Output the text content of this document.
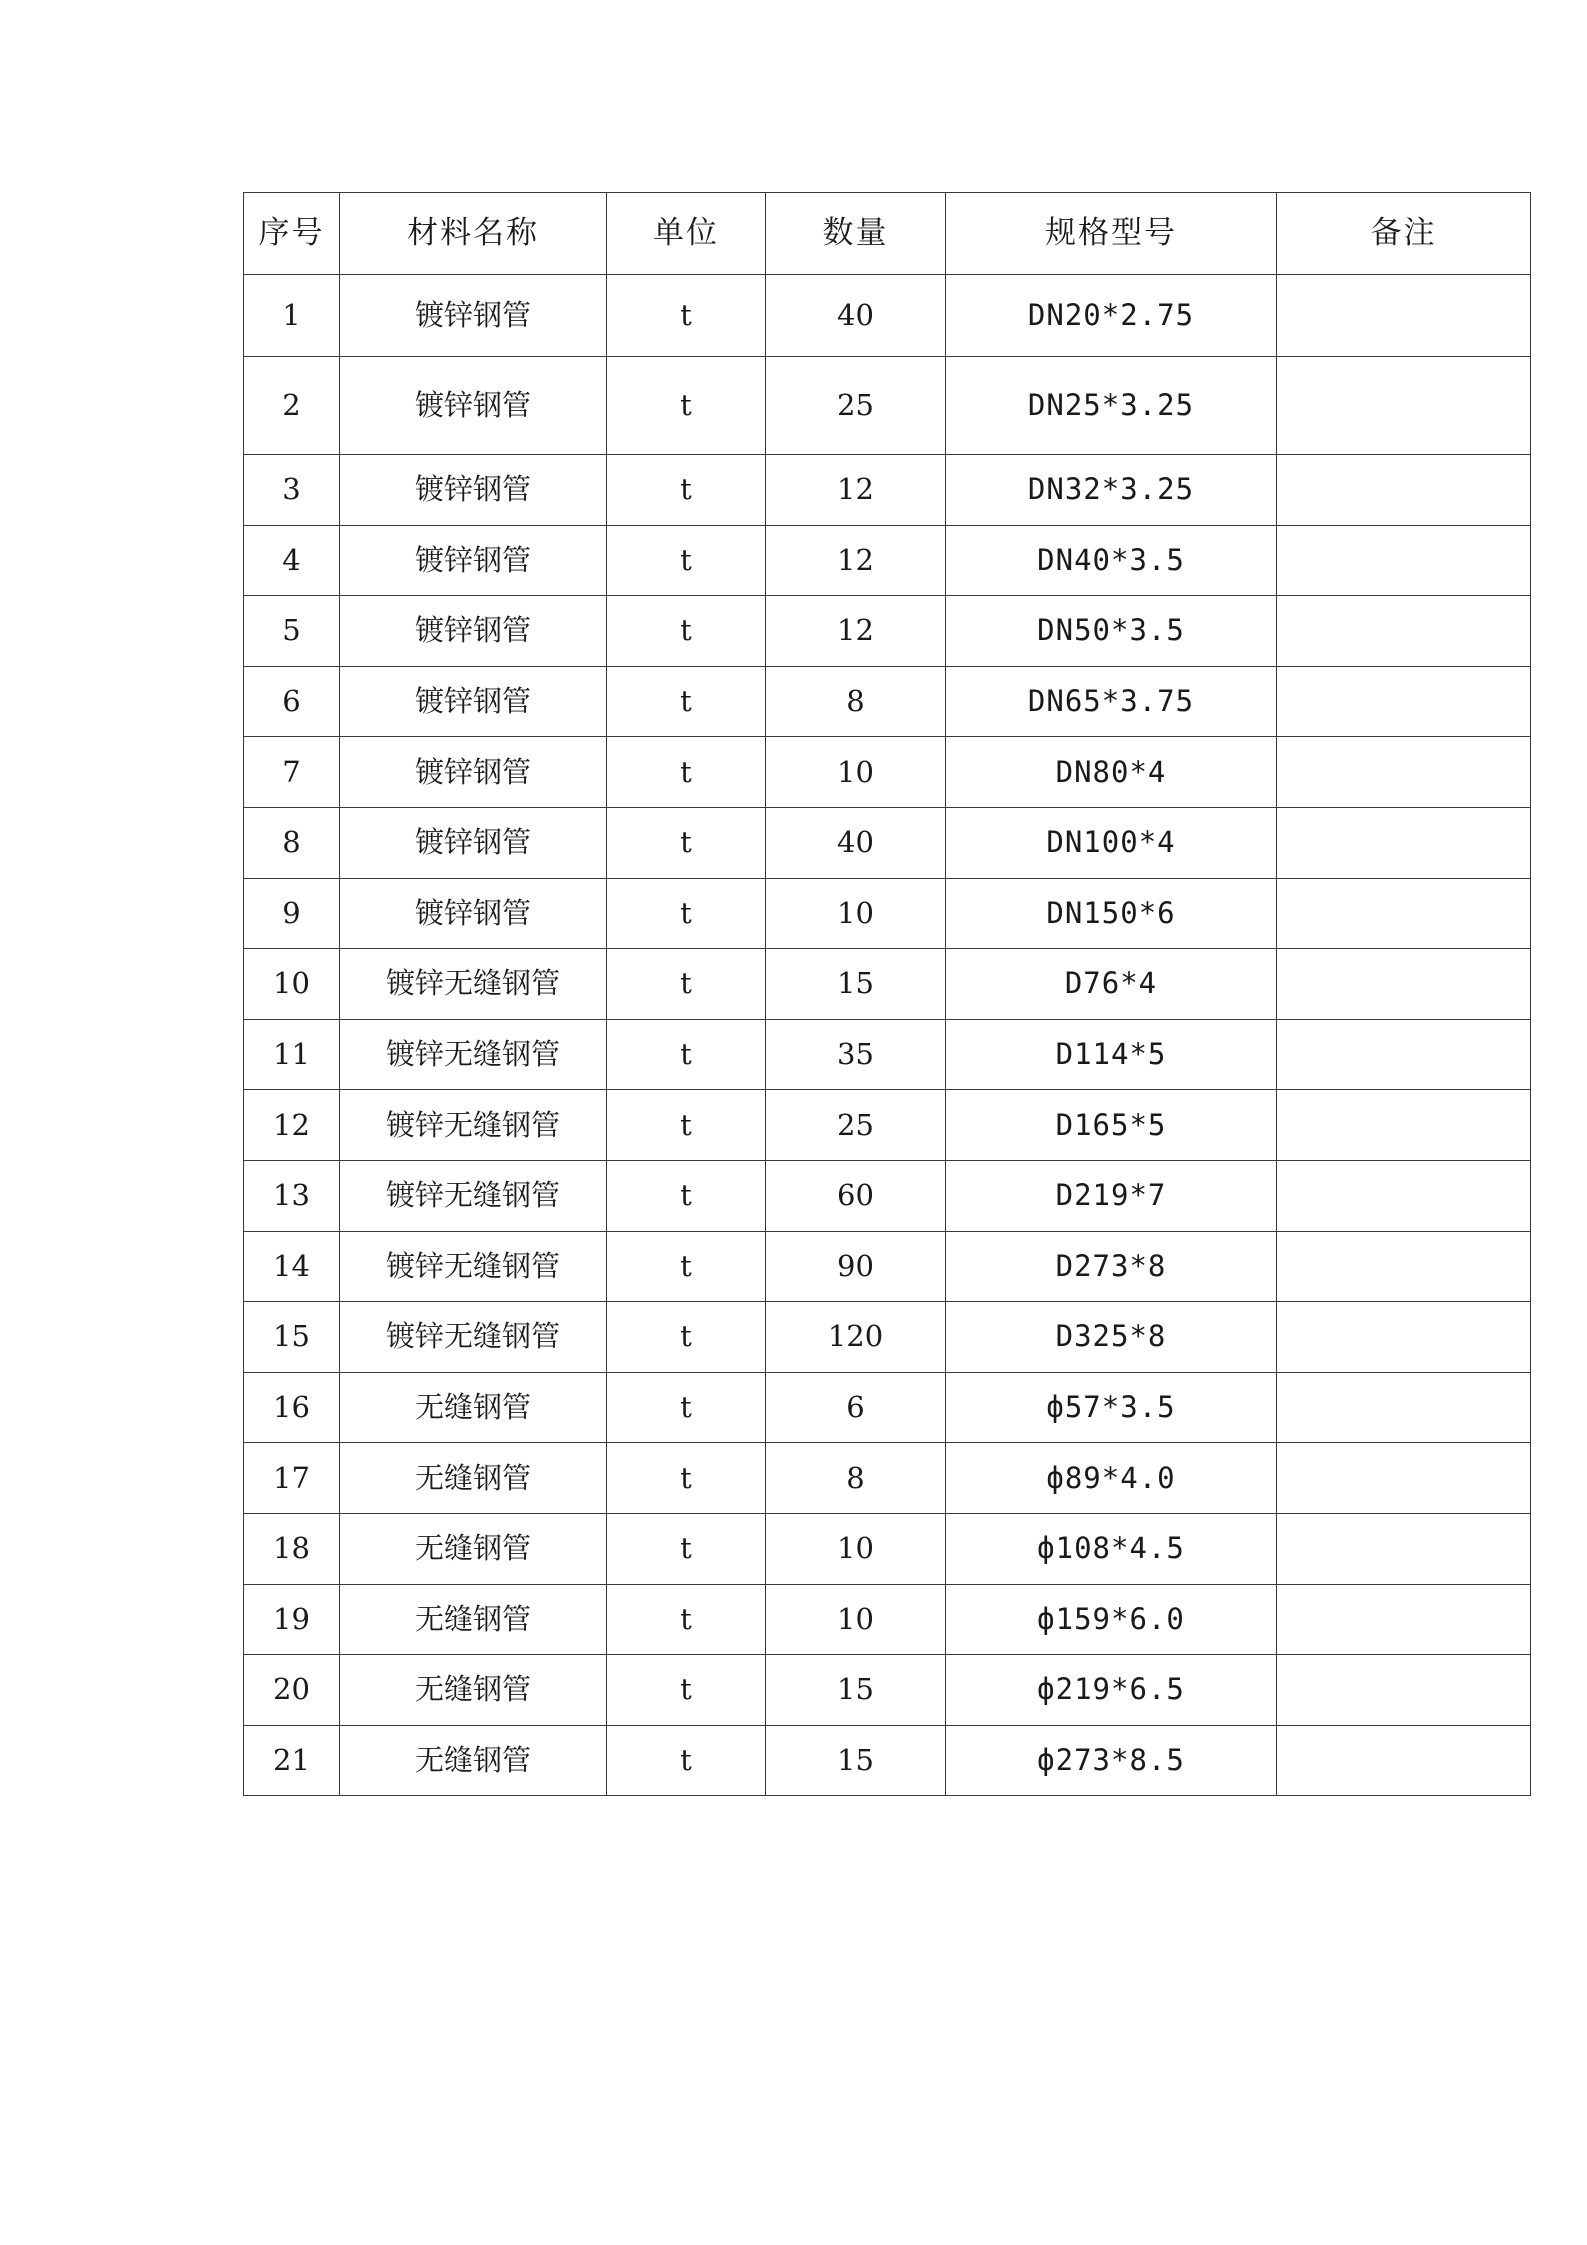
序号	材料名称	单位	数量	规格型号	备注
1	镀锌钢管	t	40	DN20*2.75	
2	镀锌钢管	t	25	DN25*3.25	
3	镀锌钢管	t	12	DN32*3.25	
4	镀锌钢管	t	12	DN40*3.5	
5	镀锌钢管	t	12	DN50*3.5	
6	镀锌钢管	t	8	DN65*3.75	
7	镀锌钢管	t	10	DN80*4	
8	镀锌钢管	t	40	DN100*4	
9	镀锌钢管	t	10	DN150*6	
10	镀锌无缝钢管	t	15	D76*4	
11	镀锌无缝钢管	t	35	D114*5	
12	镀锌无缝钢管	t	25	D165*5	
13	镀锌无缝钢管	t	60	D219*7	
14	镀锌无缝钢管	t	90	D273*8	
15	镀锌无缝钢管	t	120	D325*8	
16	无缝钢管	t	6	ф57*3.5	
17	无缝钢管	t	8	ф89*4.0	
18	无缝钢管	t	10	ф108*4.5	
19	无缝钢管	t	10	ф159*6.0	
20	无缝钢管	t	15	ф219*6.5	
21	无缝钢管	t	15	ф273*8.5	
